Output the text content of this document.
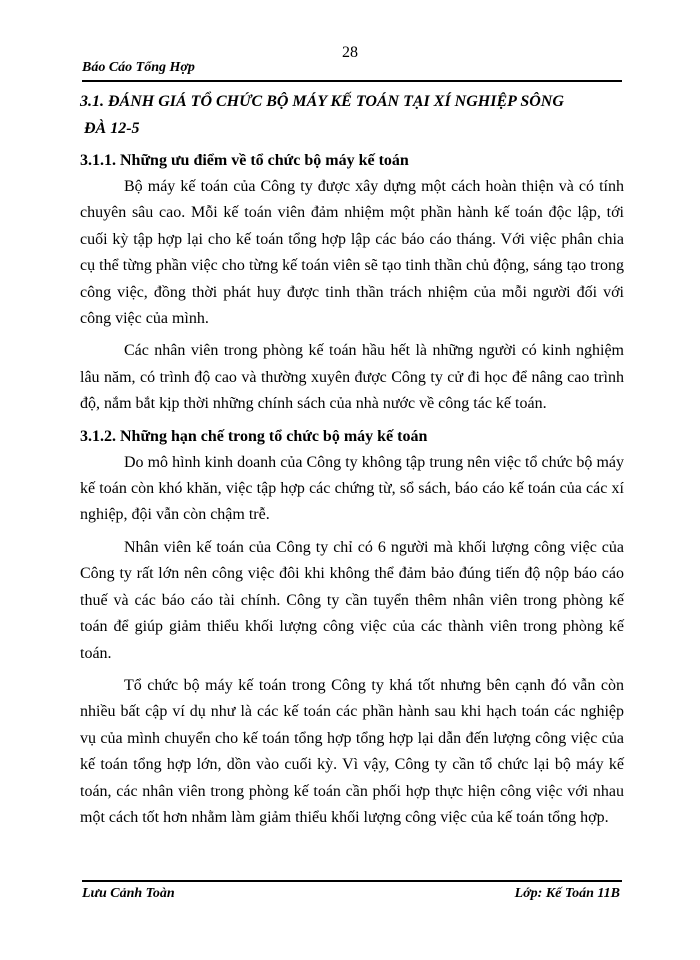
28
Báo Cáo Tổng Hợp
3.1. ĐÁNH GIÁ TỔ CHỨC BỘ MÁY KẾ TOÁN TẠI XÍ NGHIỆP SÔNG
ĐÀ 12-5
3.1.1. Những ưu điểm về tổ chức bộ máy kế toán

Bộ máy kế toán của Công ty được xây dựng một cách hoàn thiện và có tính chuyên sâu cao. Mỗi kế toán viên đảm nhiệm một phần hành kế toán độc lập, tới cuối kỳ tập hợp lại cho kế toán tổng hợp lập các báo cáo tháng. Với việc phân chia cụ thể từng phần việc cho từng kế toán viên sẽ tạo tinh thần chủ động, sáng tạo trong công việc, đồng thời phát huy được tinh thần trách nhiệm của mỗi người đối với công việc của mình.

Các nhân viên trong phòng kế toán hầu hết là những người có kinh nghiệm lâu năm, có trình độ cao và thường xuyên được Công ty cử đi học để nâng cao trình độ, nắm bắt kịp thời những chính sách của nhà nước về công tác kế toán.

3.1.2. Những hạn chế trong tổ chức bộ máy kế toán

Do mô hình kinh doanh của Công ty không tập trung nên việc tổ chức bộ máy kế toán còn khó khăn, việc tập hợp các chứng từ, sổ sách, báo cáo kế toán của các xí nghiệp, đội vẫn còn chậm trễ.

Nhân viên kế toán của Công ty chỉ có 6 người mà khối lượng công việc của Công ty rất lớn nên công việc đôi khi không thể đảm bảo đúng tiến độ nộp báo cáo thuế và các báo cáo tài chính. Công ty cần tuyển thêm nhân viên trong phòng kế toán để giúp giảm thiểu khối lượng công việc của các thành viên trong phòng kế toán.

Tổ chức bộ máy kế toán trong Công ty khá tốt nhưng bên cạnh đó vẫn còn nhiều bất cập ví dụ như là các kế toán các phần hành sau khi hạch toán các nghiệp vụ của mình chuyển cho kế toán tổng hợp tổng hợp lại dẫn đến lượng công việc của kế toán tổng hợp lớn, dồn vào cuối kỳ. Vì vậy, Công ty cần tổ chức lại bộ máy kế toán, các nhân viên trong phòng kế toán cần phối hợp thực hiện công việc với nhau một cách tốt hơn nhằm làm giảm thiểu khối lượng công việc của kế toán tổng hợp.

Lưu Cảnh Toàn	Lớp: Kế Toán 11B
